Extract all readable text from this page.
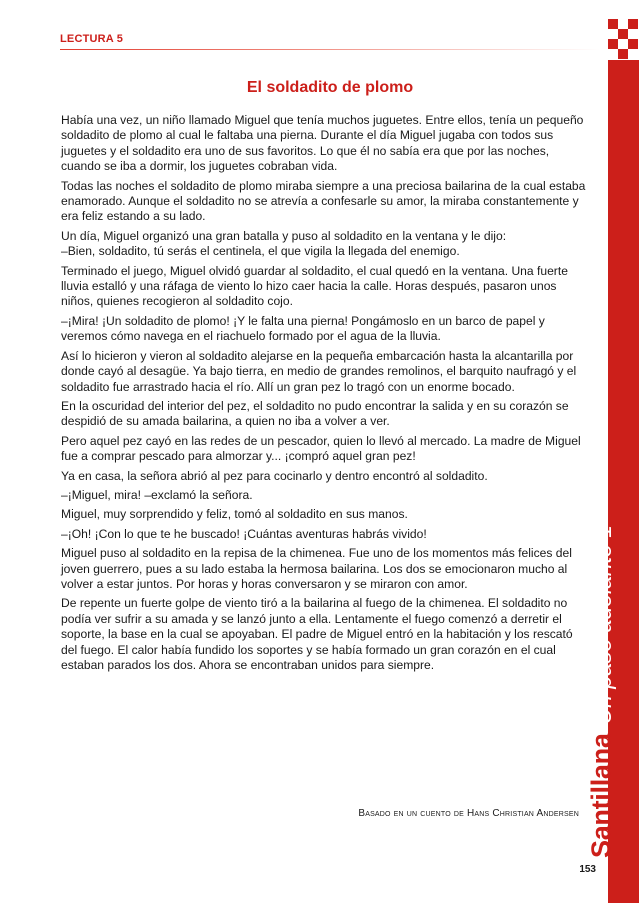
LECTURA 5
Santillana
Un paso adelante 1
El soldadito de plomo

Había una vez, un niño llamado Miguel que tenía muchos juguetes. Entre ellos, tenía un pequeño soldadito de plomo al cual le faltaba una pierna. Durante el día Miguel jugaba con todos sus juguetes y el soldadito era uno de sus favoritos. Lo que él no sabía era que por las noches, cuando se iba a dormir, los juguetes cobraban vida.

Todas las noches el soldadito de plomo miraba siempre a una preciosa bailarina de la cual estaba enamorado. Aunque el soldadito no se atrevía a confesarle su amor, la miraba constantemente y era feliz estando a su lado.

Un día, Miguel organizó una gran batalla y puso al soldadito en la ventana y le dijo:
–Bien, soldadito, tú serás el centinela, el que vigila la llegada del enemigo.

Terminado el juego, Miguel olvidó guardar al soldadito, el cual quedó en la ventana. Una fuerte lluvia estalló y una ráfaga de viento lo hizo caer hacia la calle. Horas después, pasaron unos niños, quienes recogieron al soldadito cojo.

–¡Mira! ¡Un soldadito de plomo! ¡Y le falta una pierna! Pongámoslo en un barco de papel y veremos cómo navega en el riachuelo formado por el agua de la lluvia.

Así lo hicieron y vieron al soldadito alejarse en la pequeña embarcación hasta la alcantarilla por donde cayó al desagüe. Ya bajo tierra, en medio de grandes remolinos, el barquito naufragó y el soldadito fue arrastrado hacia el río. Allí un gran pez lo tragó con un enorme bocado.

En la oscuridad del interior del pez, el soldadito no pudo encontrar la salida y en su corazón se despidió de su amada bailarina, a quien no iba a volver a ver.

Pero aquel pez cayó en las redes de un pescador, quien lo llevó al mercado. La madre de Miguel fue a comprar pescado para almorzar y... ¡compró aquel gran pez!

Ya en casa, la señora abrió al pez para cocinarlo y dentro encontró al soldadito.

–¡Miguel, mira! –exclamó la señora.

Miguel, muy sorprendido y feliz, tomó al soldadito en sus manos.

–¡Oh! ¡Con lo que te he buscado! ¡Cuántas aventuras habrás vivido!

Miguel puso al soldadito en la repisa de la chimenea. Fue uno de los momentos más felices del joven guerrero, pues a su lado estaba la hermosa bailarina. Los dos se emocionaron mucho al volver a estar juntos. Por horas y horas conversaron y se miraron con amor.

De repente un fuerte golpe de viento tiró a la bailarina al fuego de la chimenea. El soldadito no podía ver sufrir a su amada y se lanzó junto a ella. Lentamente el fuego comenzó a derretir el soporte, la base en la cual se apoyaban. El padre de Miguel entró en la habitación y los rescató del fuego. El calor había fundido los soportes y se había formado un gran corazón en el cual estaban parados los dos. Ahora se encontraban unidos para siempre.

Basado en un cuento de Hans Christian Andersen
153
